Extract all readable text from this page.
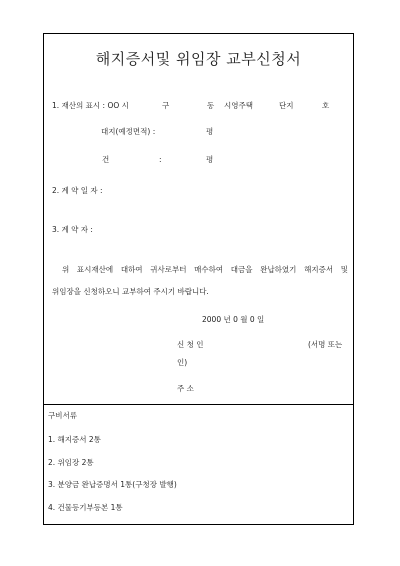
해지증서및 위임장 교부신청서
1. 재산의 표시 : OO 시	구	동 시영주택	단지	호
대지(예정면적) :	평
건	:	평
2. 계 약 일 자 :
3. 계 약 자 :
위 표시재산에 대하여 귀사로부터 매수하여 대금을 완납하였기 해지증서 및
위임장을 신청하오니 교부하여 주시기 바랍니다.
2000 년 0 월 0 일
신 청 인	(서명 또는
인)
주 소
구비서류
1. 해지증서 2통
2. 위임장 2통
3. 분양금 완납증명서 1통(구청장 발행)
4. 건물등기부등본 1통
